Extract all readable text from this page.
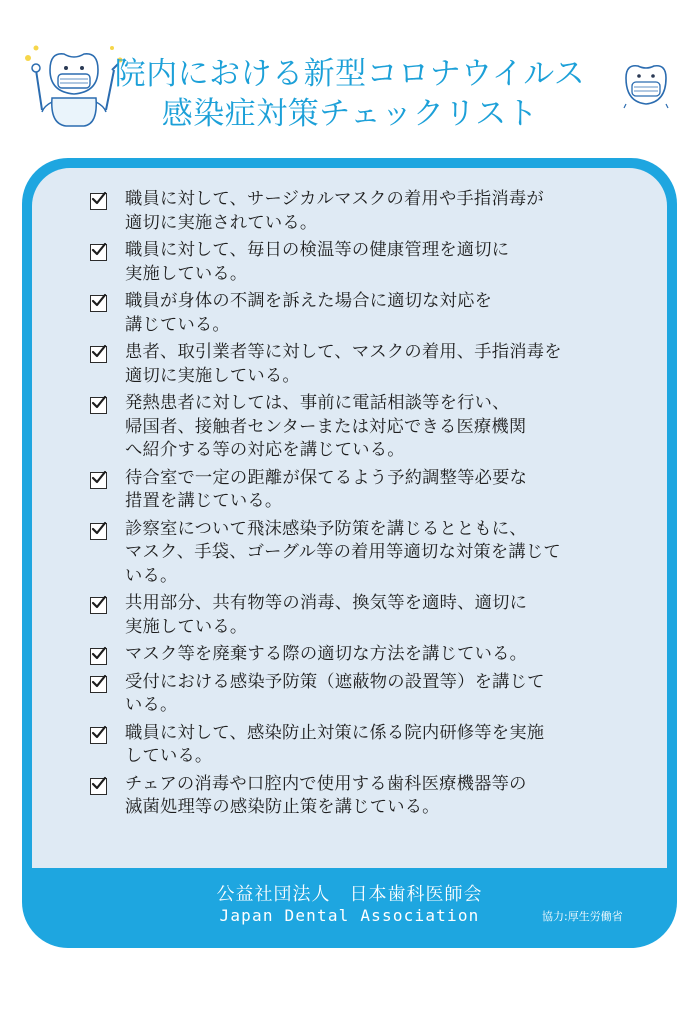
院内における新型コロナウイルス
感染症対策チェックリスト
職員に対して、サージカルマスクの着用や手指消毒が
適切に実施されている。
職員に対して、毎日の検温等の健康管理を適切に
実施している。
職員が身体の不調を訴えた場合に適切な対応を
講じている。
患者、取引業者等に対して、マスクの着用、手指消毒を
適切に実施している。
発熱患者に対しては、事前に電話相談等を行い、
帰国者、接触者センターまたは対応できる医療機関
へ紹介する等の対応を講じている。
待合室で一定の距離が保てるよう予約調整等必要な
措置を講じている。
診察室について飛沫感染予防策を講じるとともに、
マスク、手袋、ゴーグル等の着用等適切な対策を講じて
いる。
共用部分、共有物等の消毒、換気等を適時、適切に
実施している。
マスク等を廃棄する際の適切な方法を講じている。
受付における感染予防策（遮蔽物の設置等）を講じて
いる。
職員に対して、感染防止対策に係る院内研修等を実施
している。
チェアの消毒や口腔内で使用する歯科医療機器等の
滅菌処理等の感染防止策を講じている。
公益社団法人　日本歯科医師会
Japan Dental Association	協力:厚生労働省
